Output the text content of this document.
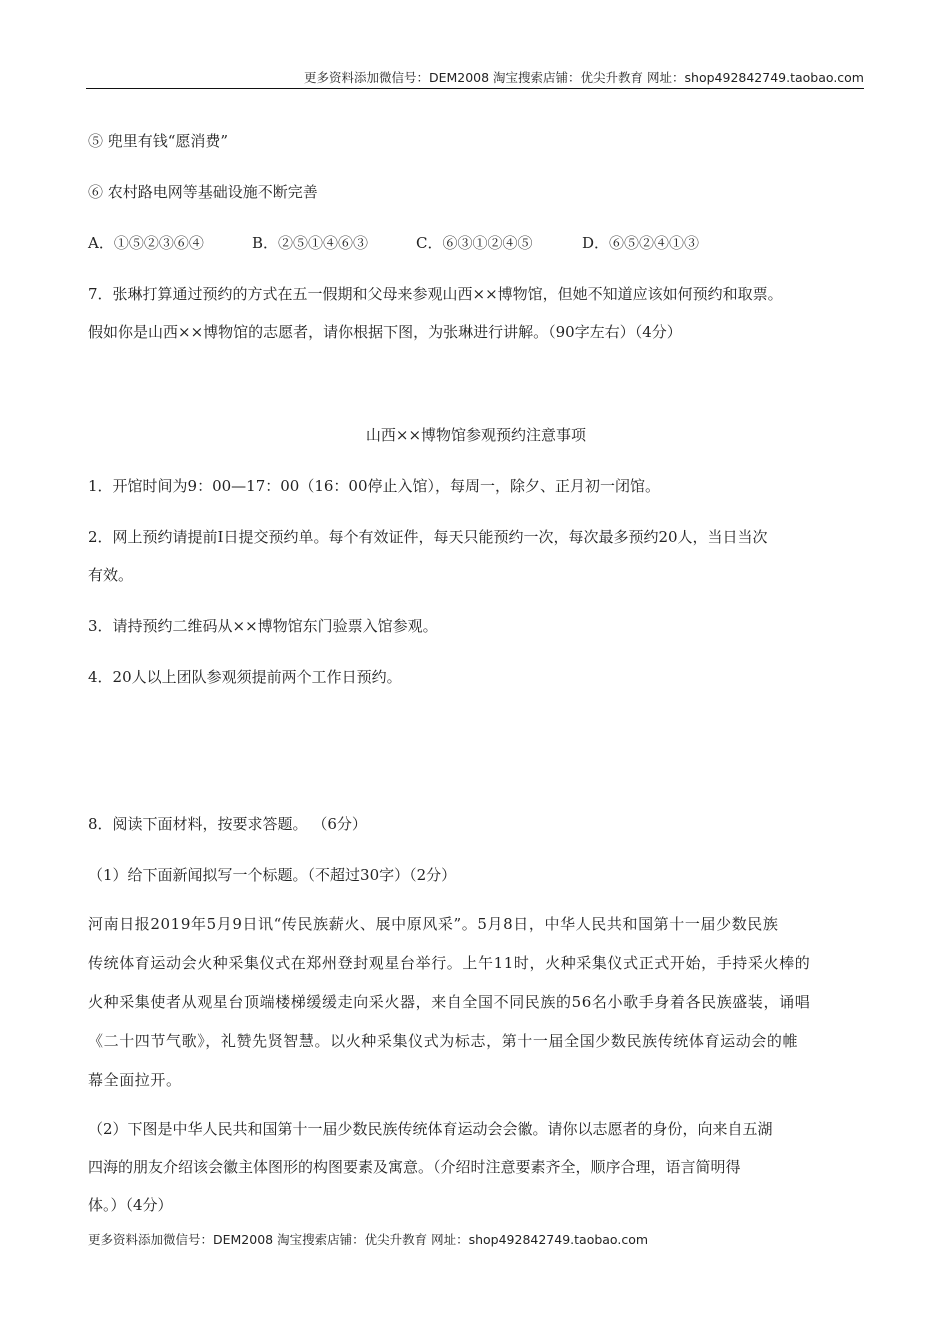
更多资料添加微信号：DEM2008 淘宝搜索店铺：优尖升教育 网址：shop492842749.taobao.com
⑤ 兜里有钱“愿消费”
⑥ 农村路电网等基础设施不断完善
A．①⑤②③⑥④	B．②⑤①④⑥③	C．⑥③①②④⑤	D．⑥⑤②④①③
7．张琳打算通过预约的方式在五一假期和父母来参观山西××博物馆，但她不知道应该如何预约和取票。
假如你是山西××博物馆的志愿者，请你根据下图，为张琳进行讲解。（90字左右）（4分）
山西××博物馆参观预约注意事项
1．开馆时间为9：00—17：00（16：00停止入馆），每周一，除夕、正月初一闭馆。
2．网上预约请提前Ⅰ日提交预约单。每个有效证件，每天只能预约一次，每次最多预约20人，当日当次
有效。
3．请持预约二维码从××博物馆东门验票入馆参观。
4．20人以上团队参观须提前两个工作日预约。
8．阅读下面材料，按要求答题。 （6分）
（1）给下面新闻拟写一个标题。（不超过30字）（2分）
河南日报2019年5月9日讯“传民族薪火、展中原风采”。5月8日，中华人民共和国第十一届少数民族
传统体育运动会火种采集仪式在郑州登封观星台举行。上午11时，火种采集仪式正式开始，手持采火棒的
火种采集使者从观星台顶端楼梯缓缓走向采火器，来自全国不同民族的56名小歌手身着各民族盛装，诵唱
《二十四节气歌》，礼赞先贤智慧。以火种采集仪式为标志，第十一届全国少数民族传统体育运动会的帷
幕全面拉开。
（2）下图是中华人民共和国第十一届少数民族传统体育运动会会徽。请你以志愿者的身份，向来自五湖
四海的朋友介绍该会徽主体图形的构图要素及寓意。（介绍时注意要素齐全，顺序合理，语言简明得
体。）（4分）
更多资料添加微信号：DEM2008 淘宝搜索店铺：优尖升教育 网址：shop492842749.taobao.com
